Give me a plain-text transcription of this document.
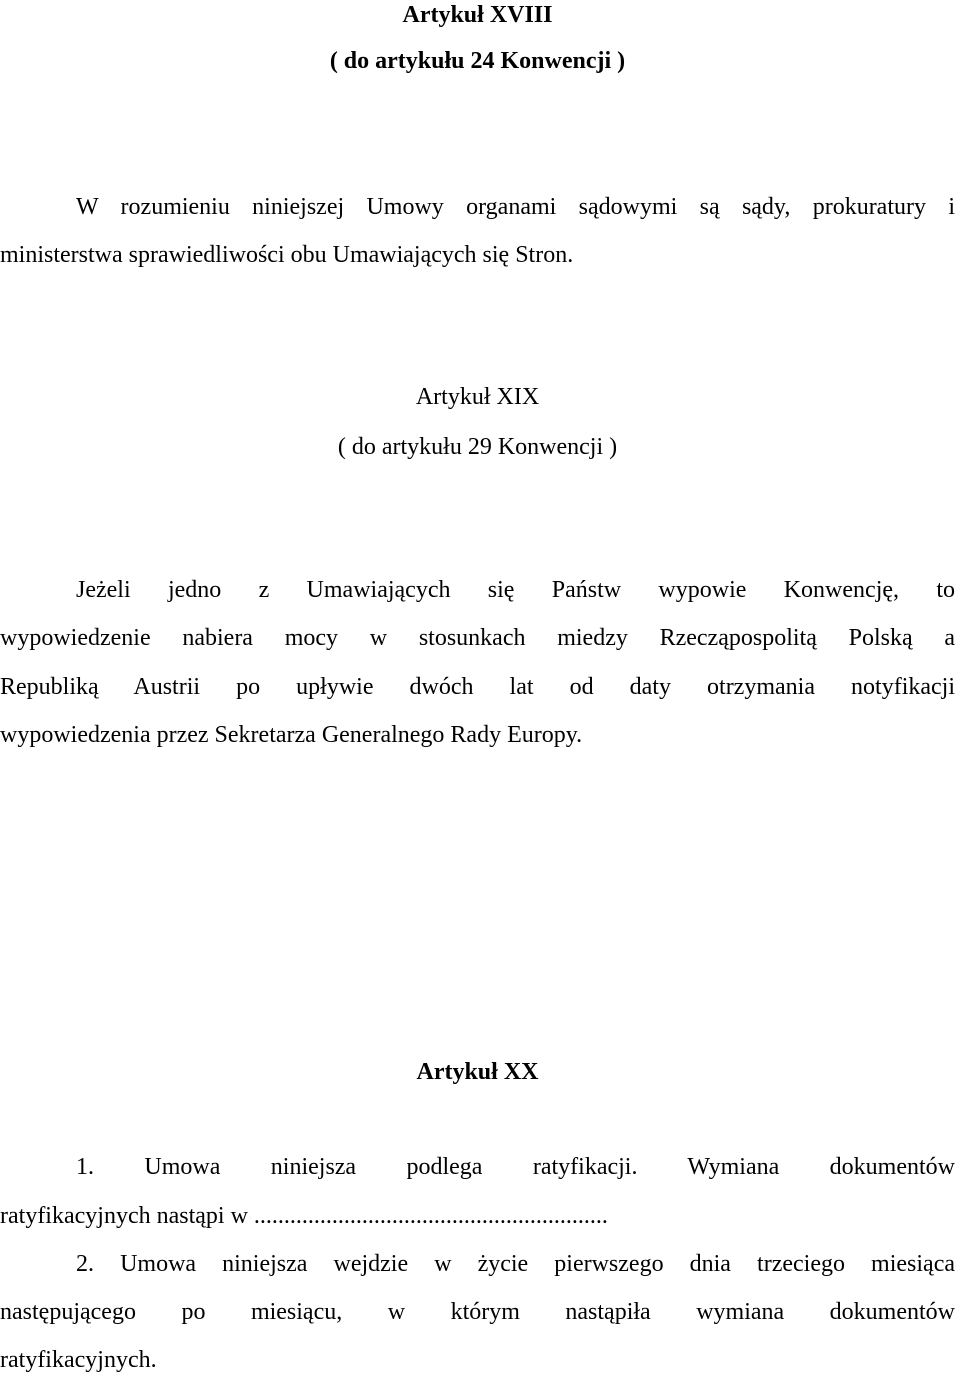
Artykuł XVIII
( do artykułu 24 Konwencji )
W rozumieniu niniejszej Umowy organami sądowymi są sądy, prokuratury i
ministerstwa sprawiedliwości obu Umawiających się Stron.
Artykuł XIX
( do artykułu 29 Konwencji )
Jeżeli jedno z Umawiających się Państw wypowie Konwencję, to
wypowiedzenie nabiera mocy w stosunkach miedzy Rzecząpospolitą Polską a
Republiką Austrii po upływie dwóch lat od daty otrzymania notyfikacji
wypowiedzenia przez Sekretarza Generalnego Rady Europy.
Artykuł XX
1. Umowa niniejsza podlega ratyfikacji. Wymiana dokumentów
ratyfikacyjnych nastąpi w ...........................................................
2. Umowa niniejsza wejdzie w życie pierwszego dnia trzeciego miesiąca
następującego po miesiącu, w którym nastąpiła wymiana dokumentów
ratyfikacyjnych.
